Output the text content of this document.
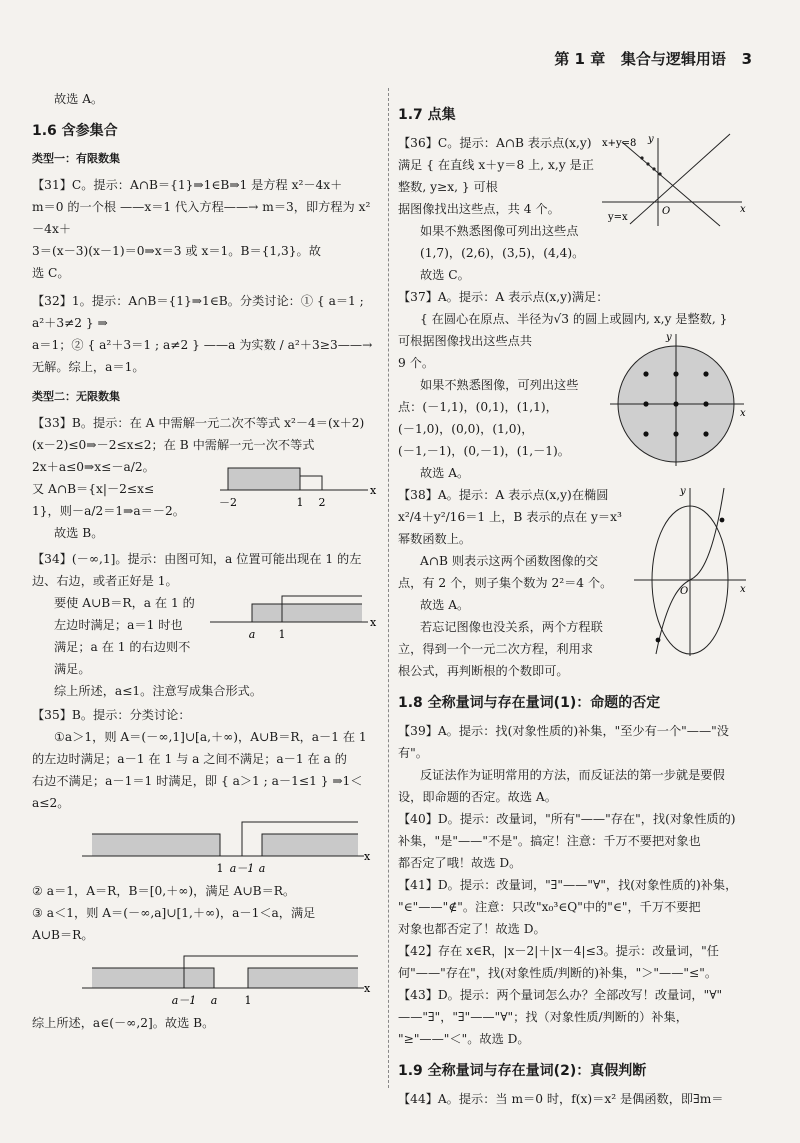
第 1 章 集合与逻辑用语 3

故选 A。

1.6 含参集合
类型一：有限数集

【31】C。提示：A∩B＝{1}⇒1∈B⇒1 是方程 x²－4x＋

m＝0 的一个根 ——x＝1 代入方程——→ m＝3，即方程为 x²－4x＋

3＝(x－3)(x－1)＝0⇒x＝3 或 x＝1。B＝{1,3}。故

选 C。

【32】1。提示：A∩B＝{1}⇒1∈B。分类讨论：① { a＝1 ; a²＋3≠2 } ⇒

a＝1；② { a²＋3＝1 ; a≠2 } ——a 为实数 / a²＋3≥3——→ 无解。综上，a＝1。

类型二：无限数集

【33】B。提示：在 A 中需解一元二次不等式 x²－4＝(x＋2)

(x－2)≤0⇒－2≤x≤2；在 B 中需解一元一次不等式

－2	1 2
x

2x＋a≤0⇒x≤－a/2。

又 A∩B＝{x|－2≤x≤

1}，则－a/2＝1⇒a＝－2。

故选 B。

【34】(－∞,1]。提示：由图可知，a 位置可能出现在 1 的左

边、右边，或者正好是 1。

a 1
x

要使 A∪B＝R，a 在 1 的

左边时满足；a＝1 时也

满足；a 在 1 的右边则不满足。

综上所述，a≤1。注意写成集合形式。

【35】B。提示：分类讨论：

①a＞1，则 A＝(－∞,1]∪[a,＋∞)，A∪B＝R，a－1 在 1

的左边时满足；a－1 在 1 与 a 之间不满足；a－1 在 a 的

右边不满足；a－1＝1 时满足，即 { a＞1 ; a－1≤1 } ⇒1＜a≤2。

1 a－1 a
x

② a＝1，A＝R，B＝[0,＋∞)，满足 A∪B＝R。

③ a＜1，则 A＝(－∞,a]∪[1,＋∞)，a－1＜a，满足

A∪B＝R。

a－1 a 1
x

综上所述，a∈(－∞,2]。故选 B。

1.7 点集
x+y=8
y=x
x
y
O

【36】C。提示：A∩B 表示点(x,y)

满足 { 在直线 x＋y＝8 上, x,y 是正整数, y≥x, } 可根

据图像找出这些点，共 4 个。

如果不熟悉图像可列出这些点

(1,7)，(2,6)，(3,5)，(4,4)。

故选 C。

【37】A。提示：A 表示点(x,y)满足：

{ 在圆心在原点、半径为√3 的圆上或圆内, x,y 是整数, }

x
y

可根据图像找出这些点共

9 个。

如果不熟悉图像，可列出这些

点：(－1,1)，(0,1)，(1,1)，

(－1,0)，(0,0)，(1,0)，

(－1,－1)，(0,－1)，(1,－1)。

故选 A。

x
y
O

【38】A。提示：A 表示点(x,y)在椭圆

x²/4＋y²/16＝1 上，B 表示的点在 y＝x³

幂数函数上。

A∩B 则表示这两个函数图像的交

点，有 2 个，则子集个数为 2²＝4 个。

故选 A。

若忘记图像也没关系，两个方程联

立，得到一个一元二次方程，利用求

根公式，再判断根的个数即可。

1.8 全称量词与存在量词(1)：命题的否定

【39】A。提示：找(对象性质的)补集，"至少有一个"——"没

有"。

反证法作为证明常用的方法，而反证法的第一步就是要假

设，即命题的否定。故选 A。

【40】D。提示：改量词，"所有"——"存在"，找(对象性质的)

补集，"是"——"不是"。搞定！注意：千万不要把对象也

都否定了哦！故选 D。

【41】D。提示：改量词，"∃"——"∀"，找(对象性质的)补集，

"∈"——"∉"。注意：只改"x₀³∈Q"中的"∈"，千万不要把

对象也都否定了！故选 D。

【42】存在 x∈R，|x－2|＋|x－4|≤3。提示：改量词，"任

何"——"存在"，找(对象性质/判断的)补集，"＞"——"≤"。

【43】D。提示：两个量词怎么办？全部改写！改量词，"∀"

——"∃"，"∃"——"∀"；找（对象性质/判断的）补集，

"≥"——"＜"。故选 D。

1.9 全称量词与存在量词(2)：真假判断

【44】A。提示：当 m＝0 时，f(x)＝x² 是偶函数，即∃m＝
